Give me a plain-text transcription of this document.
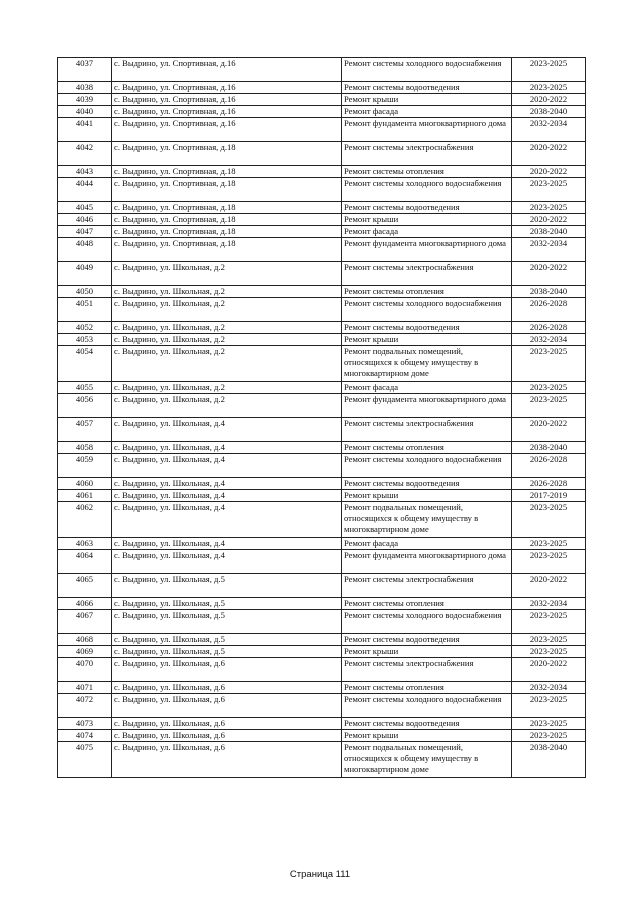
4037	с. Выдрино, ул. Спортивная, д.16	Ремонт системы холодного водоснабжения	2023-2025
4038	с. Выдрино, ул. Спортивная, д.16	Ремонт системы водоотведения	2023-2025
4039	с. Выдрино, ул. Спортивная, д.16	Ремонт крыши	2020-2022
4040	с. Выдрино, ул. Спортивная, д.16	Ремонт фасада	2038-2040
4041	с. Выдрино, ул. Спортивная, д.16	Ремонт фундамента многоквартирного дома	2032-2034
4042	с. Выдрино, ул. Спортивная, д.18	Ремонт системы электроснабжения	2020-2022
4043	с. Выдрино, ул. Спортивная, д.18	Ремонт системы отопления	2020-2022
4044	с. Выдрино, ул. Спортивная, д.18	Ремонт системы холодного водоснабжения	2023-2025
4045	с. Выдрино, ул. Спортивная, д.18	Ремонт системы водоотведения	2023-2025
4046	с. Выдрино, ул. Спортивная, д.18	Ремонт крыши	2020-2022
4047	с. Выдрино, ул. Спортивная, д.18	Ремонт фасада	2038-2040
4048	с. Выдрино, ул. Спортивная, д.18	Ремонт фундамента многоквартирного дома	2032-2034
4049	с. Выдрино, ул. Школьная, д.2	Ремонт системы электроснабжения	2020-2022
4050	с. Выдрино, ул. Школьная, д.2	Ремонт системы отопления	2038-2040
4051	с. Выдрино, ул. Школьная, д.2	Ремонт системы холодного водоснабжения	2026-2028
4052	с. Выдрино, ул. Школьная, д.2	Ремонт системы водоотведения	2026-2028
4053	с. Выдрино, ул. Школьная, д.2	Ремонт крыши	2032-2034
4054	с. Выдрино, ул. Школьная, д.2	Ремонт подвальных помещений, относящихся к общему имуществу в многоквартирном доме	2023-2025
4055	с. Выдрино, ул. Школьная, д.2	Ремонт фасада	2023-2025
4056	с. Выдрино, ул. Школьная, д.2	Ремонт фундамента многоквартирного дома	2023-2025
4057	с. Выдрино, ул. Школьная, д.4	Ремонт системы электроснабжения	2020-2022
4058	с. Выдрино, ул. Школьная, д.4	Ремонт системы отопления	2038-2040
4059	с. Выдрино, ул. Школьная, д.4	Ремонт системы холодного водоснабжения	2026-2028
4060	с. Выдрино, ул. Школьная, д.4	Ремонт системы водоотведения	2026-2028
4061	с. Выдрино, ул. Школьная, д.4	Ремонт крыши	2017-2019
4062	с. Выдрино, ул. Школьная, д.4	Ремонт подвальных помещений, относящихся к общему имуществу в многоквартирном доме	2023-2025
4063	с. Выдрино, ул. Школьная, д.4	Ремонт фасада	2023-2025
4064	с. Выдрино, ул. Школьная, д.4	Ремонт фундамента многоквартирного дома	2023-2025
4065	с. Выдрино, ул. Школьная, д.5	Ремонт системы электроснабжения	2020-2022
4066	с. Выдрино, ул. Школьная, д.5	Ремонт системы отопления	2032-2034
4067	с. Выдрино, ул. Школьная, д.5	Ремонт системы холодного водоснабжения	2023-2025
4068	с. Выдрино, ул. Школьная, д.5	Ремонт системы водоотведения	2023-2025
4069	с. Выдрино, ул. Школьная, д.5	Ремонт крыши	2023-2025
4070	с. Выдрино, ул. Школьная, д.6	Ремонт системы электроснабжения	2020-2022
4071	с. Выдрино, ул. Школьная, д.6	Ремонт системы отопления	2032-2034
4072	с. Выдрино, ул. Школьная, д.6	Ремонт системы холодного водоснабжения	2023-2025
4073	с. Выдрино, ул. Школьная, д.6	Ремонт системы водоотведения	2023-2025
4074	с. Выдрино, ул. Школьная, д.6	Ремонт крыши	2023-2025
4075	с. Выдрино, ул. Школьная, д.6	Ремонт подвальных помещений, относящихся к общему имуществу в многоквартирном доме	2038-2040
Страница 111
